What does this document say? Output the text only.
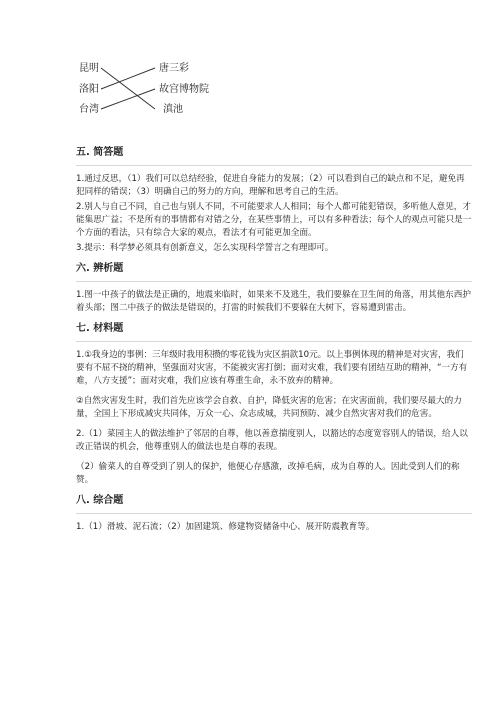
昆明
洛阳
台湾
唐三彩
故宫博物院
滇池
五. 简答题
1.通过反思，（1）我们可以总结经验，促进自身能力的发展；（2）可以看到自己的缺点和不足，避免再犯同样的错误；（3）明确自己的努力的方向，理解和思考自己的生活。
2.别人与自己不同，自己也与别人不同，不可能要求人人相同；每个人都可能犯错误，多听他人意见，才能集思广益；不是所有的事情都有对错之分，在某些事情上，可以有多种看法；每个人的观点可能只是一个方面的看法，只有综合大家的观点，看法才有可能更加全面。
3.提示：科学梦必须具有创新意义，怎么实现科学誓言之有理即可。
六. 辨析题
1.图一中孩子的做法是正确的，地震来临时，如果来不及逃生，我们要躲在卫生间的角落，用其他东西护着头部；图二中孩子的做法是错误的，打雷的时候我们不要躲在大树下，容易遭到雷击。
七. 材料题
1.①我身边的事例：三年级时我用积攒的零花钱为灾区捐款10元。以上事例体现的精神是对灾害，我们要有不屈不挠的精神，坚强面对灾害，不能被灾害打倒；面对灾难，我们要有团结互助的精神，“一方有难，八方支援”；面对灾难，我们应该有尊重生命，永不放弃的精神。
②自然灾害发生时，我们首先应该学会自救、自护，降低灾害的危害；在灾害面前，我们要尽最大的力量，全国上下形成减灾共同体，万众一心、众志成城，共同预防、减少自然灾害对我们的危害。
2.（1）菜园主人的做法维护了邻居的自尊，他以善意揣度别人，以豁达的态度宽容别人的错误，给人以改正错误的机会，他尊重别人的做法也是自尊的表现。
（2）偷菜人的自尊受到了别人的保护，他便心存感激，改掉毛病，成为自尊的人。因此受到人们的称赞。
八. 综合题
1.（1）滑坡、泥石流；（2）加固建筑、修建物资储备中心、展开防震教育等。
